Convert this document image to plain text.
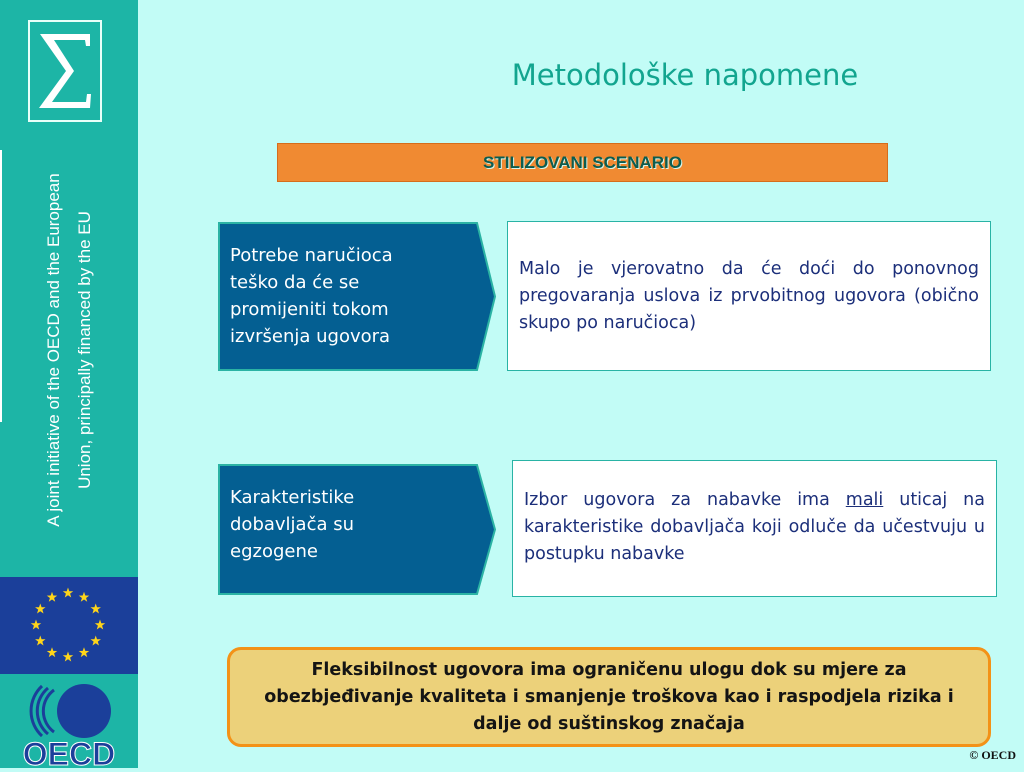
A joint initiative of the OECD and the European Union, principally financed by the EU
OECD
Metodološke napomene
STILIZOVANI SCENARIO
Potrebe naručioca teško da će se promijeniti tokom izvršenja ugovora
Malo je vjerovatno da će doći do ponovnog pregovaranja uslova iz prvobitnog ugovora (obično skupo po naručioca)
Karakteristike dobavljača su egzogene
Izbor ugovora za nabavke ima mali uticaj na karakteristike dobavljača koji odluče da učestvuju u postupku nabavke
Fleksibilnost ugovora ima ograničenu ulogu dok su mjere za obezbjeđivanje kvaliteta i smanjenje troškova kao i raspodjela rizika i dalje od suštinskog značaja
© OECD
